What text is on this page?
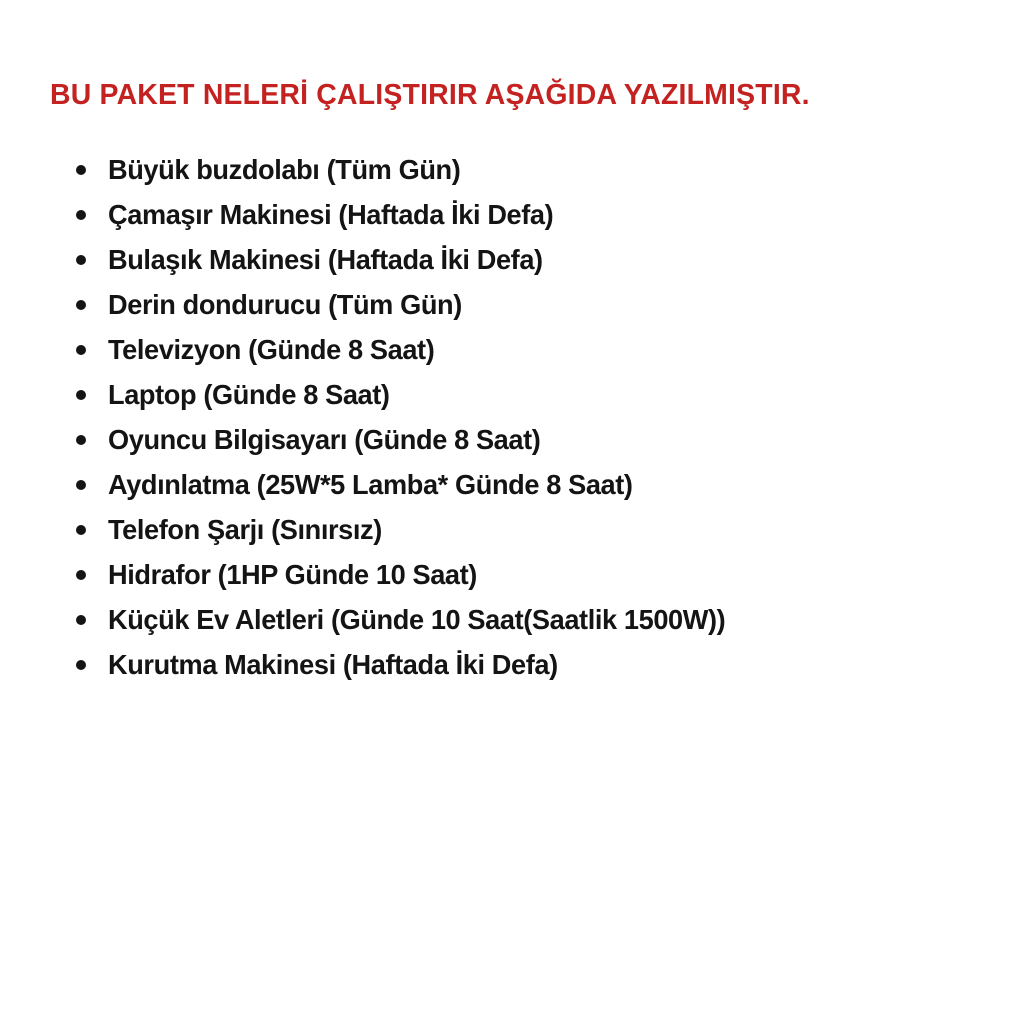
BU PAKET NELERİ ÇALIŞTIRIR AŞAĞIDA YAZILMIŞTIR.
Büyük buzdolabı (Tüm Gün)
Çamaşır Makinesi (Haftada İki Defa)
Bulaşık Makinesi (Haftada İki Defa)
Derin dondurucu (Tüm Gün)
Televizyon (Günde 8 Saat)
Laptop (Günde 8 Saat)
Oyuncu Bilgisayarı (Günde 8 Saat)
Aydınlatma (25W*5 Lamba* Günde 8 Saat)
Telefon Şarjı (Sınırsız)
Hidrafor (1HP Günde 10 Saat)
Küçük Ev Aletleri (Günde 10 Saat(Saatlik 1500W))
Kurutma Makinesi (Haftada İki Defa)
